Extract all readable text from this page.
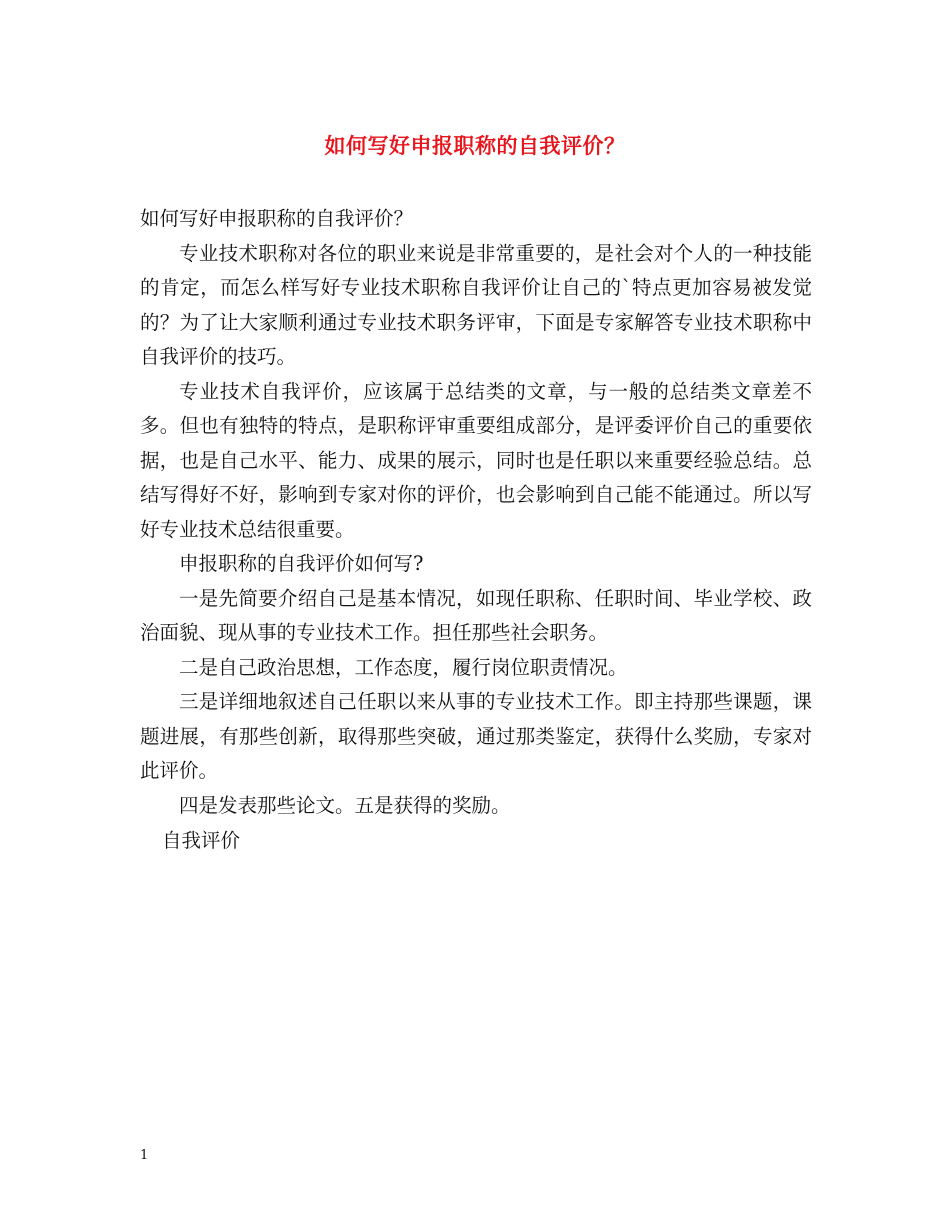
如何写好申报职称的自我评价？

如何写好申报职称的自我评价？

专业技术职称对各位的职业来说是非常重要的，是社会对个人的一种技能的肯定，而怎么样写好专业技术职称自我评价让自己的`特点更加容易被发觉的？为了让大家顺利通过专业技术职务评审，下面是专家解答专业技术职称中自我评价的技巧。

专业技术自我评价，应该属于总结类的文章，与一般的总结类文章差不多。但也有独特的特点，是职称评审重要组成部分，是评委评价自己的重要依据，也是自己水平、能力、成果的展示，同时也是任职以来重要经验总结。总结写得好不好，影响到专家对你的评价，也会影响到自己能不能通过。所以写好专业技术总结很重要。

申报职称的自我评价如何写?

一是先简要介绍自己是基本情况，如现任职称、任职时间、毕业学校、政治面貌、现从事的专业技术工作。担任那些社会职务。

二是自己政治思想，工作态度，履行岗位职责情况。

三是详细地叙述自己任职以来从事的专业技术工作。即主持那些课题，课题进展，有那些创新，取得那些突破，通过那类鉴定，获得什么奖励，专家对此评价。

四是发表那些论文。五是获得的奖励。

自我评价

1
